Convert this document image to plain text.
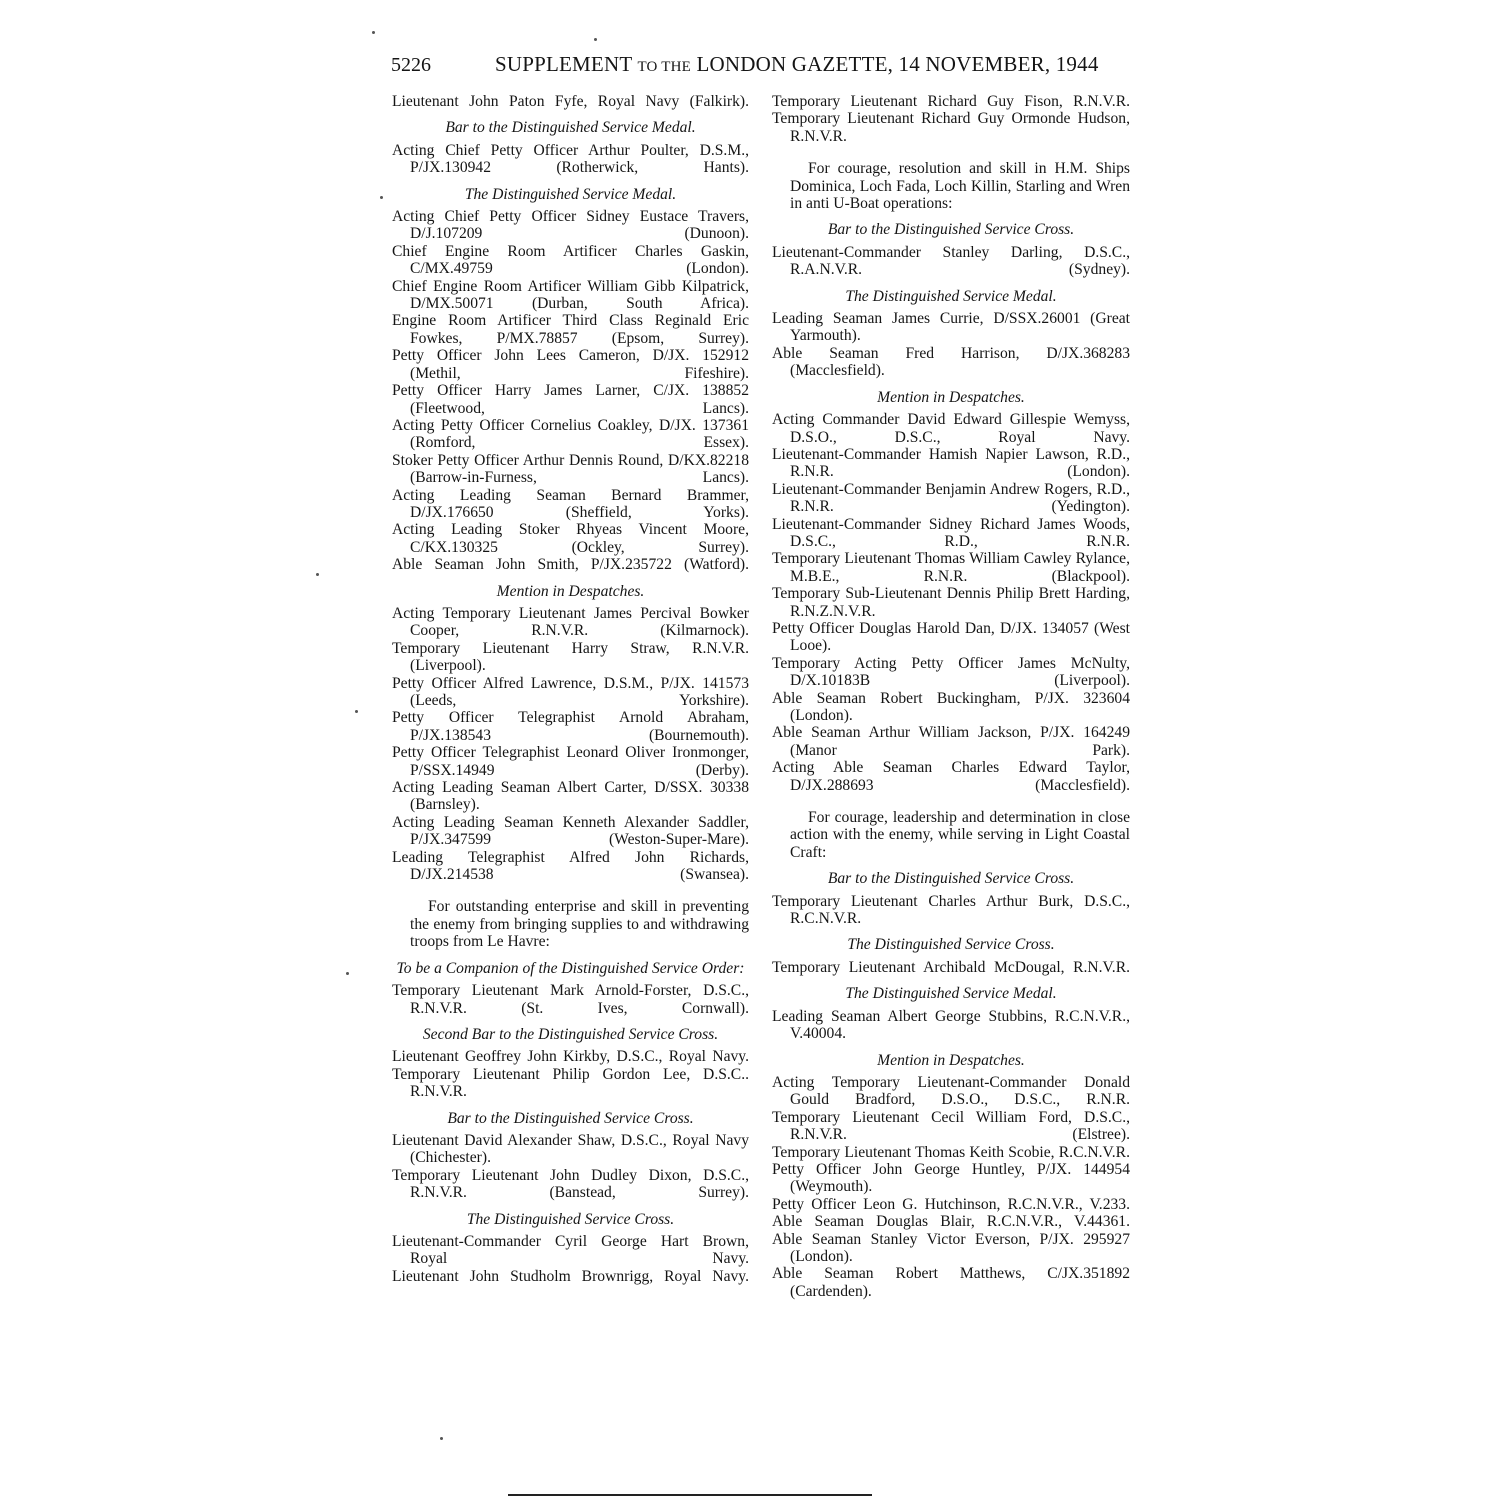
5226	SUPPLEMENT TO THE LONDON GAZETTE, 14 NOVEMBER, 1944
Lieutenant John Paton Fyfe, Royal Navy (Falkirk).
Bar to the Distinguished Service Medal.
Acting Chief Petty Officer Arthur Poulter, D.S.M., P/JX.130942 (Rotherwick, Hants).
The Distinguished Service Medal.
Acting Chief Petty Officer Sidney Eustace Travers, D/J.107209 (Dunoon).
Chief Engine Room Artificer Charles Gaskin, C/MX.49759 (London).
Chief Engine Room Artificer William Gibb Kilpatrick, D/MX.50071 (Durban, South Africa).
Engine Room Artificer Third Class Reginald Eric Fowkes, P/MX.78857 (Epsom, Surrey).
Petty Officer John Lees Cameron, D/JX. 152912 (Methil, Fifeshire).
Petty Officer Harry James Larner, C/JX. 138852 (Fleetwood, Lancs).
Acting Petty Officer Cornelius Coakley, D/JX. 137361 (Romford, Essex).
Stoker Petty Officer Arthur Dennis Round, D/KX.82218 (Barrow-in-Furness, Lancs).
Acting Leading Seaman Bernard Brammer, D/JX.176650 (Sheffield, Yorks).
Acting Leading Stoker Rhyeas Vincent Moore, C/KX.130325 (Ockley, Surrey).
Able Seaman John Smith, P/JX.235722 (Watford).
Mention in Despatches.
Acting Temporary Lieutenant James Percival Bowker Cooper, R.N.V.R. (Kilmarnock).
Temporary Lieutenant Harry Straw, R.N.V.R. (Liverpool).
Petty Officer Alfred Lawrence, D.S.M., P/JX. 141573 (Leeds, Yorkshire).
Petty Officer Telegraphist Arnold Abraham, P/JX.138543 (Bournemouth).
Petty Officer Telegraphist Leonard Oliver Ironmonger, P/SSX.14949 (Derby).
Acting Leading Seaman Albert Carter, D/SSX. 30338 (Barnsley).
Acting Leading Seaman Kenneth Alexander Saddler, P/JX.347599 (Weston-Super-Mare).
Leading Telegraphist Alfred John Richards, D/JX.214538 (Swansea).
For outstanding enterprise and skill in preventing the enemy from bringing supplies to and withdrawing troops from Le Havre:
To be a Companion of the Distinguished Service Order:
Temporary Lieutenant Mark Arnold-Forster, D.S.C., R.N.V.R. (St. Ives, Cornwall).
Second Bar to the Distinguished Service Cross.
Lieutenant Geoffrey John Kirkby, D.S.C., Royal Navy.
Temporary Lieutenant Philip Gordon Lee, D.S.C.. R.N.V.R.
Bar to the Distinguished Service Cross.
Lieutenant David Alexander Shaw, D.S.C., Royal Navy (Chichester).
Temporary Lieutenant John Dudley Dixon, D.S.C., R.N.V.R. (Banstead, Surrey).
The Distinguished Service Cross.
Lieutenant-Commander Cyril George Hart Brown, Royal Navy.
Lieutenant John Studholm Brownrigg, Royal Navy.
Temporary Lieutenant Richard Guy Fison, R.N.V.R.
Temporary Lieutenant Richard Guy Ormonde Hudson, R.N.V.R.
For courage, resolution and skill in H.M. Ships Dominica, Loch Fada, Loch Killin, Starling and Wren in anti U-Boat operations:
Bar to the Distinguished Service Cross.
Lieutenant-Commander Stanley Darling, D.S.C., R.A.N.V.R. (Sydney).
The Distinguished Service Medal.
Leading Seaman James Currie, D/SSX.26001 (Great Yarmouth).
Able Seaman Fred Harrison, D/JX.368283 (Macclesfield).
Mention in Despatches.
Acting Commander David Edward Gillespie Wemyss, D.S.O., D.S.C., Royal Navy.
Lieutenant-Commander Hamish Napier Lawson, R.D., R.N.R. (London).
Lieutenant-Commander Benjamin Andrew Rogers, R.D., R.N.R. (Yedington).
Lieutenant-Commander Sidney Richard James Woods, D.S.C., R.D., R.N.R.
Temporary Lieutenant Thomas William Cawley Rylance, M.B.E., R.N.R. (Blackpool).
Temporary Sub-Lieutenant Dennis Philip Brett Harding, R.N.Z.N.V.R.
Petty Officer Douglas Harold Dan, D/JX. 134057 (West Looe).
Temporary Acting Petty Officer James McNulty, D/X.10183B (Liverpool).
Able Seaman Robert Buckingham, P/JX. 323604 (London).
Able Seaman Arthur William Jackson, P/JX. 164249 (Manor Park).
Acting Able Seaman Charles Edward Taylor, D/JX.288693 (Macclesfield).
For courage, leadership and determination in close action with the enemy, while serving in Light Coastal Craft:
Bar to the Distinguished Service Cross.
Temporary Lieutenant Charles Arthur Burk, D.S.C., R.C.N.V.R.
The Distinguished Service Cross.
Temporary Lieutenant Archibald McDougal, R.N.V.R.
The Distinguished Service Medal.
Leading Seaman Albert George Stubbins, R.C.N.V.R., V.40004.
Mention in Despatches.
Acting Temporary Lieutenant-Commander Donald Gould Bradford, D.S.O., D.S.C., R.N.R.
Temporary Lieutenant Cecil William Ford, D.S.C., R.N.V.R. (Elstree).
Temporary Lieutenant Thomas Keith Scobie, R.C.N.V.R.
Petty Officer John George Huntley, P/JX. 144954 (Weymouth).
Petty Officer Leon G. Hutchinson, R.C.N.V.R., V.233.
Able Seaman Douglas Blair, R.C.N.V.R., V.44361.
Able Seaman Stanley Victor Everson, P/JX. 295927 (London).
Able Seaman Robert Matthews, C/JX.351892 (Cardenden).
